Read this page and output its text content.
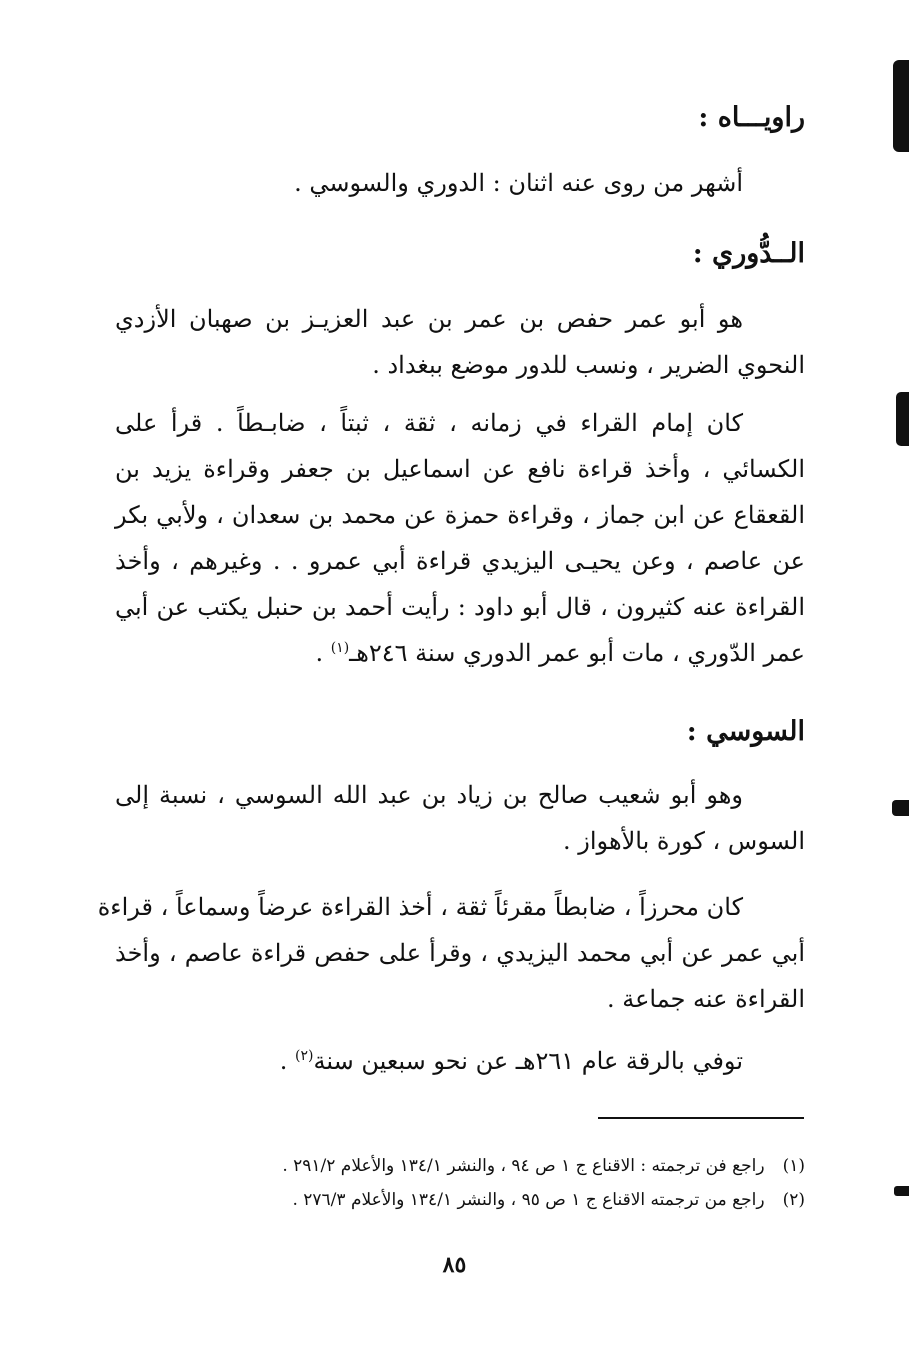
راويـــاه :
أشهر من روى عنه اثنان : الدوري والسوسي .
الــدُّوري :
هو أبو عمر حفص بن عمر بن عبد العزيـز بن صهبان الأزدي
النحوي الضرير ، ونسب للدور موضع ببغداد .
كان إمام القراء في زمانه ، ثقة ، ثبتاً ، ضابـطاً . قرأ على
الكسائي ، وأخذ قراءة نافع عن اسماعيل بن جعفر وقراءة يزيد بن
القعقاع عن ابن جماز ، وقراءة حمزة عن محمد بن سعدان ، ولأبي بكر
عن عاصم ، وعن يحيـى اليزيدي قراءة أبي عمرو . . وغيرهم ، وأخذ
القراءة عنه كثيرون ، قال أبو داود : رأيت أحمد بن حنبل يكتب عن أبي
عمر الدّوري ، مات أبو عمر الدوري سنة ٢٤٦هـ$^{(١)}$ .
السوسي :
وهو أبو شعيب صالح بن زياد بن عبد الله السوسي ، نسبة إلى
السوس ، كورة بالأهواز .
كان محرزاً ، ضابطاً مقرئاً ثقة ، أخذ القراءة عرضاً وسماعاً ، قراءة
أبي عمر عن أبي محمد اليزيدي ، وقرأ على حفص قراءة عاصم ، وأخذ
القراءة عنه جماعة .
توفي بالرقة عام ٢٦١هـ عن نحو سبعين سنة$^{(٢)}$ .
(١)راجع فن ترجمته : الاقناع ج ١ ص ٩٤ ، والنشر ١٣٤/١ والأعلام ٢٩١/٢ .
(٢)راجع من ترجمته الاقناع ج ١ ص ٩٥ ، والنشر ١٣٤/١ والأعلام ٢٧٦/٣ .
٨٥
